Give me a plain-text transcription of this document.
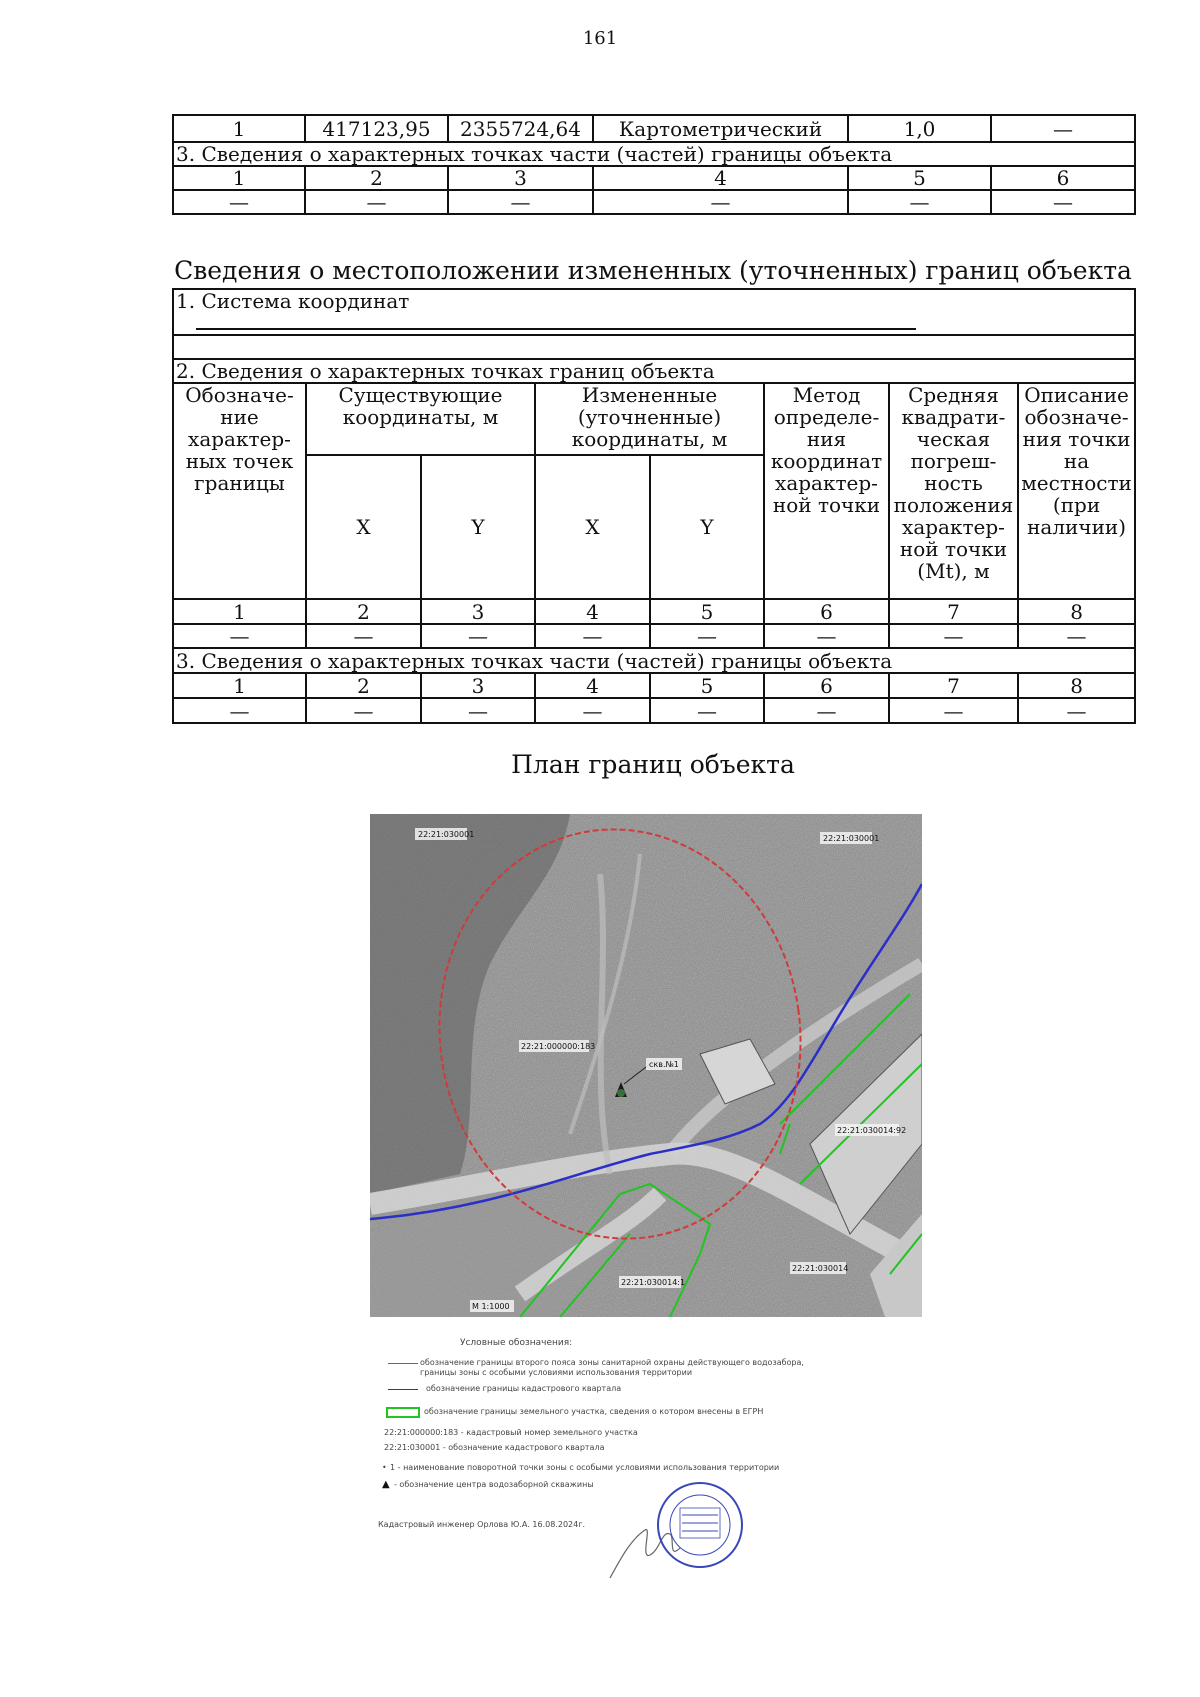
161
1	417123,95	2355724,64	Картометрический	1,0	—
3. Сведения о характерных точках части (частей) границы объекта					
1	2	3	4	5	6
—	—	—	—	—	—
Сведения о местоположении измененных (уточненных) границ объекта
1. Система координат							

2. Сведения о характерных точках границ объекта							
Обозначе-ние характер-ных точек границы	Существующие координаты, м		Измененные (уточненные) координаты, м		Метод определе-ния координат характер-ной точки	Средняя квадрати-ческая погреш-ность положения характер-ной точки (Mt), м	Описание обозначе-ния точки на местности (при наличии)
	X	Y	X	Y			
1	2	3	4	5	6	7	8
—	—	—	—	—	—	—	—
3. Сведения о характерных точках части (частей) границы объекта							
1	2	3	4	5	6	7	8
—	—	—	—	—	—	—	—
План границ объекта
22:21:030001	22:21:030001
22:21:000000:183
скв.№1
22:21:030014:92
22:21:030014:1
22:21:030014
М 1:1000
Условные обозначения:
обозначение границы второго пояса зоны санитарной охраны действующего водозабора,
границы зоны с особыми условиями использования территории
обозначение границы кадастрового квартала
обозначение границы земельного участка, сведения о котором внесены в ЕГРН
22:21:000000:183 - кадастровый номер земельного участка
22:21:030001 - обозначение кадастрового квартала
• 1 - наименование поворотной точки зоны с особыми условиями использования территории
▲ - обозначение центра водозаборной скважины
Кадастровый инженер Орлова Ю.А. 16.08.2024г.
